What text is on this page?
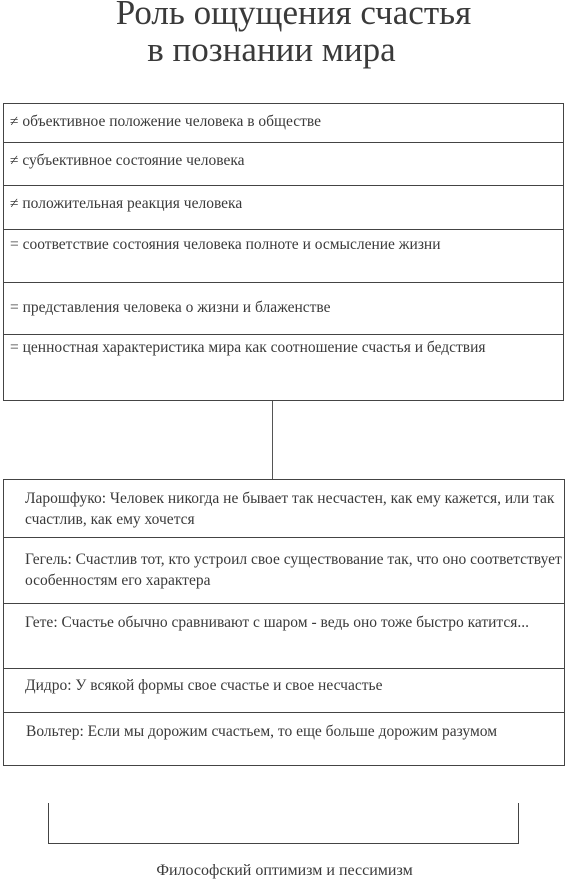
Роль ощущения счастья
в познании мира
≠ объективное положение человека в обществе
≠ субъективное состояние человека
≠ положительная реакция человека
= соответствие состояния человека полноте и осмысление жизни
= представления человека о жизни и блаженстве
= ценностная характеристика мира как соотношение счастья и бедствия
Ларошфуко: Человек никогда не бывает так несчастен, как ему кажется, или так счастлив, как ему хочется
Гегель: Счастлив тот, кто устроил свое существование так, что оно соответствует особенностям его характера
Гете: Счастье обычно сравнивают с шаром - ведь оно тоже быстро катится...
Дидро: У всякой формы свое счастье и свое несчастье
Вольтер: Если мы дорожим счастьем, то еще больше дорожим разумом
Философский оптимизм и пессимизм
